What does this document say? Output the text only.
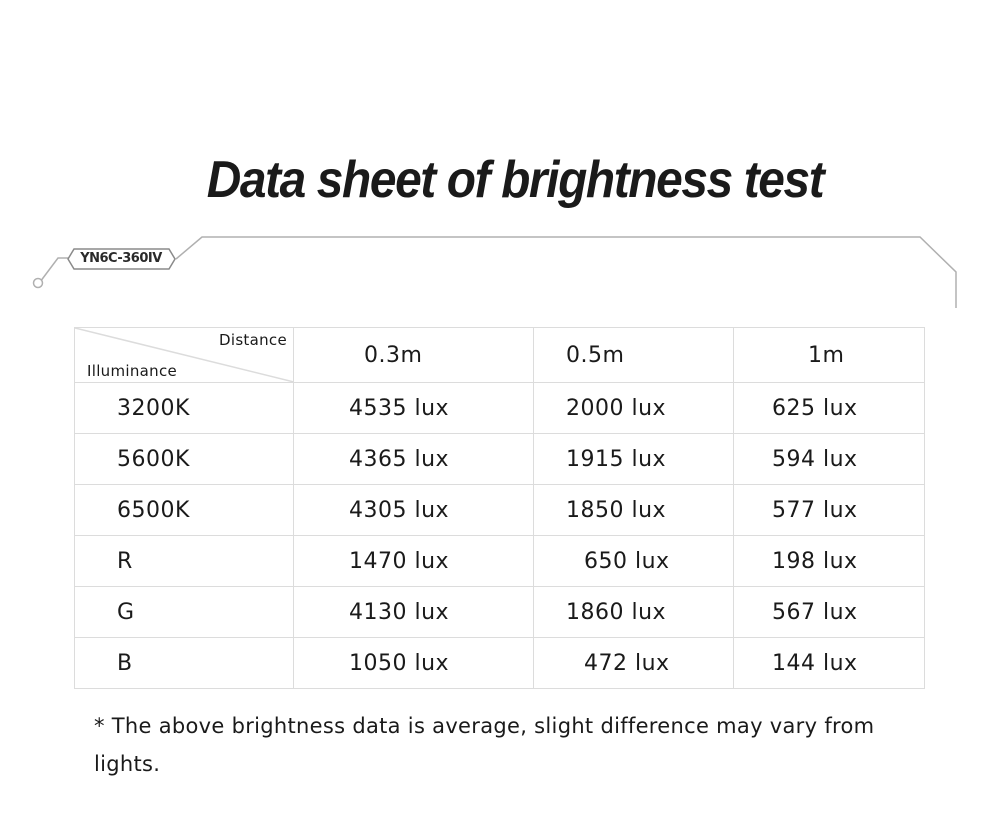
Data sheet of brightness test
YN6C-360IV
Distance
Illuminance	0.3m	0.5m	1m
3200K	4535 lux	2000 lux	625 lux
5600K	4365 lux	1915 lux	594 lux
6500K	4305 lux	1850 lux	577 lux
R	1470 lux	650 lux	198 lux
G	4130 lux	1860 lux	567 lux
B	1050 lux	472 lux	144 lux
* The above brightness data is average, slight difference may vary from lights.
